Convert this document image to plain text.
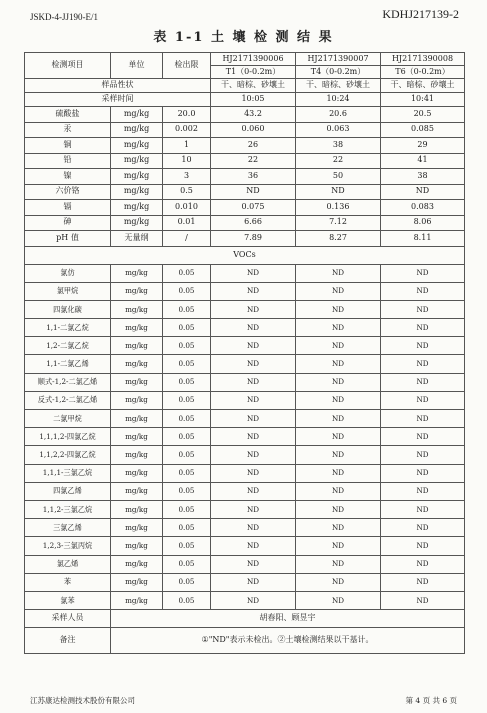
JSKD-4-JJ190-E/1	KDHJ217139-2
表 1-1 土 壤 检 测 结 果
检测项目	单位	检出限	HJ2171390006	HJ2171390007	HJ2171390008
			T1（0-0.2m）	T4（0-0.2m）	T6（0-0.2m）
样品性状			干、暗棕、砂壤土	干、暗棕、砂壤土	干、暗棕、砂壤土
采样时间			10:05	10:24	10:41
硫酸盐	mg/kg	20.0	43.2	20.6	20.5
汞	mg/kg	0.002	0.060	0.063	0.085
铜	mg/kg	1	26	38	29
铅	mg/kg	10	22	22	41
镍	mg/kg	3	36	50	38
六价铬	mg/kg	0.5	ND	ND	ND
镉	mg/kg	0.010	0.075	0.136	0.083
砷	mg/kg	0.01	6.66	7.12	8.06
pH 值	无量纲	/	7.89	8.27	8.11
VOCs					
氯仿	mg/kg	0.05	ND	ND	ND
氯甲烷	mg/kg	0.05	ND	ND	ND
四氯化碳	mg/kg	0.05	ND	ND	ND
1,1-二氯乙烷	mg/kg	0.05	ND	ND	ND
1,2-二氯乙烷	mg/kg	0.05	ND	ND	ND
1,1-二氯乙烯	mg/kg	0.05	ND	ND	ND
顺式-1,2-二氯乙烯	mg/kg	0.05	ND	ND	ND
反式-1,2-二氯乙烯	mg/kg	0.05	ND	ND	ND
二氯甲烷	mg/kg	0.05	ND	ND	ND
1,1,1,2-四氯乙烷	mg/kg	0.05	ND	ND	ND
1,1,2,2-四氯乙烷	mg/kg	0.05	ND	ND	ND
1,1,1-三氯乙烷	mg/kg	0.05	ND	ND	ND
四氯乙烯	mg/kg	0.05	ND	ND	ND
1,1,2-三氯乙烷	mg/kg	0.05	ND	ND	ND
三氯乙烯	mg/kg	0.05	ND	ND	ND
1,2,3-三氯丙烷	mg/kg	0.05	ND	ND	ND
氯乙烯	mg/kg	0.05	ND	ND	ND
苯	mg/kg	0.05	ND	ND	ND
氯苯	mg/kg	0.05	ND	ND	ND
采样人员	胡春阳、顾昱宇				
备注	①"ND"表示未检出。②土壤检测结果以干基计。				
江苏康达检测技术股份有限公司	第 4 页 共 6 页
